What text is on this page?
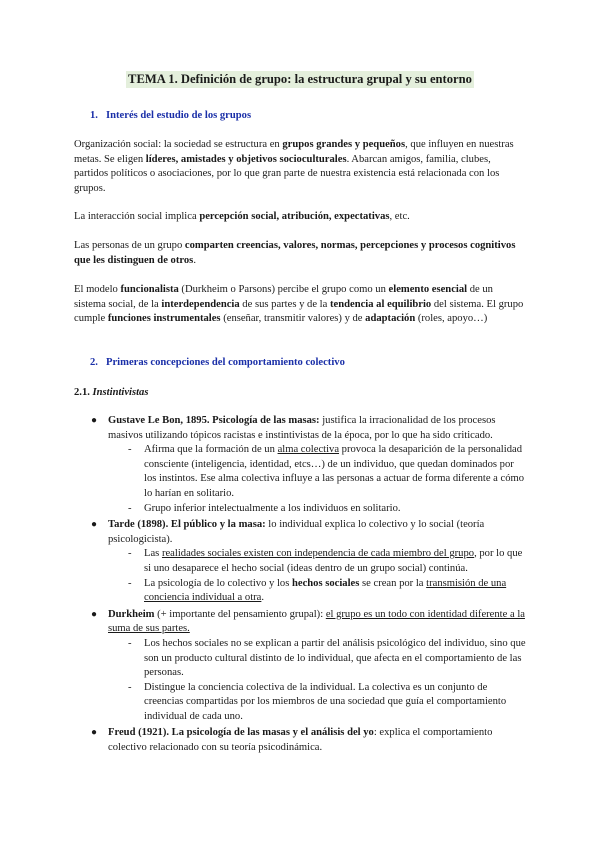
TEMA 1. Definición de grupo: la estructura grupal y su entorno
1. Interés del estudio de los grupos
Organización social: la sociedad se estructura en grupos grandes y pequeños, que influyen en nuestras metas. Se eligen líderes, amistades y objetivos socioculturales. Abarcan amigos, familia, clubes, partidos políticos o asociaciones, por lo que gran parte de nuestra existencia está relacionada con los grupos.
La interacción social implica percepción social, atribución, expectativas, etc.
Las personas de un grupo comparten creencias, valores, normas, percepciones y procesos cognitivos que les distinguen de otros.
El modelo funcionalista (Durkheim o Parsons) percibe el grupo como un elemento esencial de un sistema social, de la interdependencia de sus partes y de la tendencia al equilibrio del sistema. El grupo cumple funciones instrumentales (enseñar, transmitir valores) y de adaptación (roles, apoyo…)
2. Primeras concepciones del comportamiento colectivo
2.1. Instintivistas
● Gustave Le Bon, 1895. Psicología de las masas: justifica la irracionalidad de los procesos masivos utilizando tópicos racistas e instintivistas de la época, por lo que ha sido criticado.
- Afirma que la formación de un alma colectiva provoca la desaparición de la personalidad consciente (inteligencia, identidad, etcs…) de un individuo, que quedan dominados por los instintos. Ese alma colectiva influye a las personas a actuar de forma diferente a cómo lo harían en solitario.
- Grupo inferior intelectualmente a los individuos en solitario.
● Tarde (1898). El público y la masa: lo individual explica lo colectivo y lo social (teoría psicologicista).
- Las realidades sociales existen con independencia de cada miembro del grupo, por lo que si uno desaparece el hecho social (ideas dentro de un grupo social) continúa.
- La psicología de lo colectivo y los hechos sociales se crean por la transmisión de una conciencia individual a otra.
● Durkheim (+ importante del pensamiento grupal): el grupo es un todo con identidad diferente a la suma de sus partes.
- Los hechos sociales no se explican a partir del análisis psicológico del individuo, sino que son un producto cultural distinto de lo individual, que afecta en el comportamiento de las personas.
- Distingue la conciencia colectiva de la individual. La colectiva es un conjunto de creencias compartidas por los miembros de una sociedad que guía el comportamiento individual de cada uno.
● Freud (1921). La psicología de las masas y el análisis del yo: explica el comportamiento colectivo relacionado con su teoría psicodinámica.
